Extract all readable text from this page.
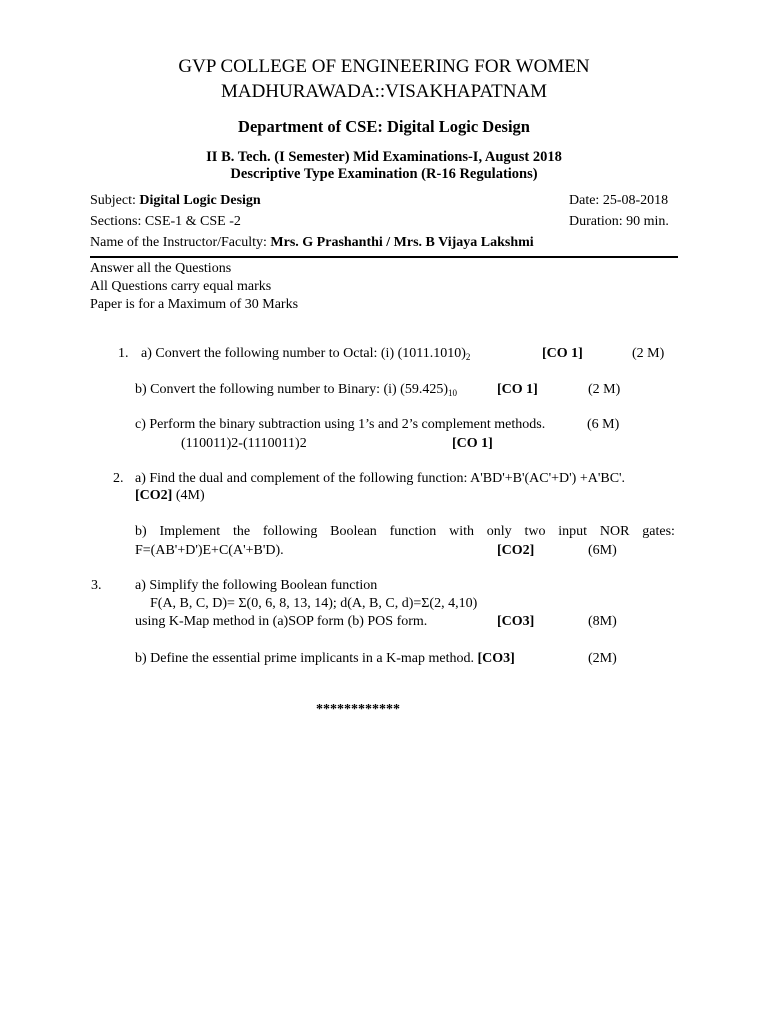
GVP COLLEGE OF ENGINEERING FOR WOMEN
MADHURAWADA::VISAKHAPATNAM
Department of CSE: Digital Logic Design
II B. Tech. (I Semester) Mid Examinations-I, August 2018
Descriptive Type Examination (R-16 Regulations)
Subject: Digital Logic Design	Date: 25-08-2018
Sections: CSE-1 & CSE -2	Duration: 90 min.
Name of the Instructor/Faculty: Mrs. G Prashanthi / Mrs. B Vijaya Lakshmi
Answer all the Questions
All Questions carry equal marks
Paper is for a Maximum of 30 Marks
1. a) Convert the following number to Octal: (i) $(1011.1010)_2$	[CO 1]	(2 M)
b) Convert the following number to Binary: (i) $(59.425)_{10}$	[CO 1]	(2 M)
c) Perform the binary subtraction using 1’s and 2’s complement methods.	(6 M)
(110011)2-(1110011)2	[CO 1]
2. a) Find the dual and complement of the following function: A'BD'+B'(AC'+D') +A'BC'.
[CO2] (4M)
b) Implement the following Boolean function with only two input NOR gates:
F=(AB'+D')E+C(A'+B'D).	[CO2]	(6M)
3. a) Simplify the following Boolean function
F(A, B, C, D)= Σ(0, 6, 8, 13, 14); d(A, B, C, d)=Σ(2, 4,10)
using K-Map method in (a)SOP form (b) POS form.	[CO3]	(8M)
b) Define the essential prime implicants in a K-map method. [CO3]	(2M)
************
